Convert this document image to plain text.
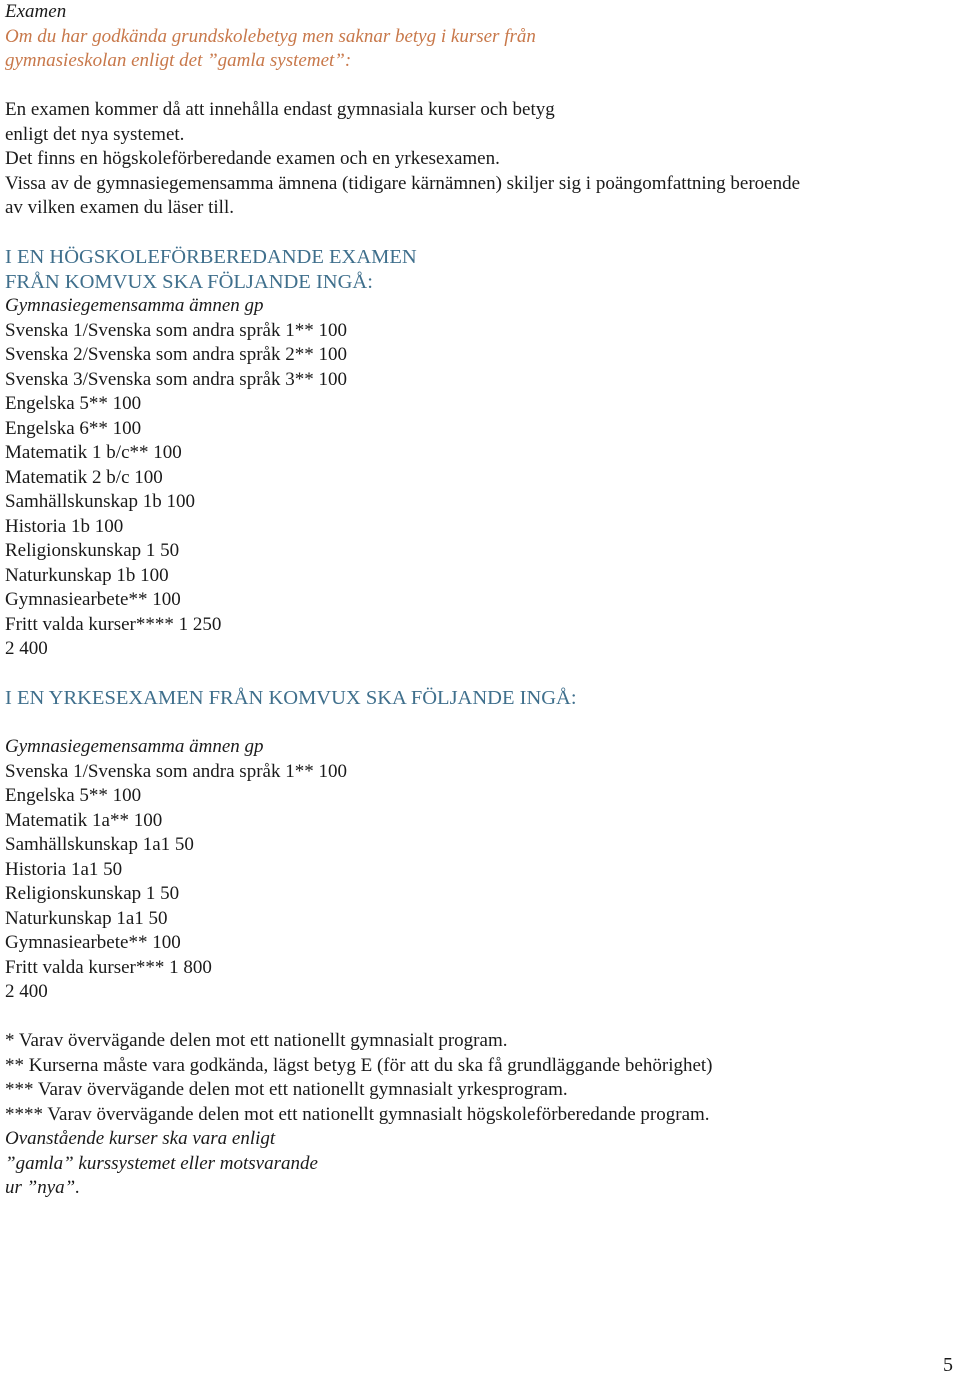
Examen

Om du har godkända grundskolebetyg men saknar betyg i kurser från

gymnasieskolan enligt det ”gamla systemet”:

En examen kommer då att innehålla endast gymnasiala kurser och betyg

enligt det nya systemet.

Det finns en högskoleförberedande examen och en yrkesexamen.

Vissa av de gymnasiegemensamma ämnena (tidigare kärnämnen) skiljer sig i poängomfattning beroende

av vilken examen du läser till.

I EN HÖGSKOLEFÖRBEREDANDE EXAMEN

FRÅN KOMVUX SKA FÖLJANDE INGÅ:

Gymnasiegemensamma ämnen gp

Svenska 1/Svenska som andra språk 1** 100

Svenska 2/Svenska som andra språk 2** 100

Svenska 3/Svenska som andra språk 3** 100

Engelska 5** 100

Engelska 6** 100

Matematik 1 b/c** 100

Matematik 2 b/c 100

Samhällskunskap 1b 100

Historia 1b 100

Religionskunskap 1 50

Naturkunskap 1b 100

Gymnasiearbete** 100

Fritt valda kurser**** 1 250

2 400

I EN YRKESEXAMEN FRÅN KOMVUX SKA FÖLJANDE INGÅ:

Gymnasiegemensamma ämnen gp

Svenska 1/Svenska som andra språk 1** 100

Engelska 5** 100

Matematik 1a** 100

Samhällskunskap 1a1 50

Historia 1a1 50

Religionskunskap 1 50

Naturkunskap 1a1 50

Gymnasiearbete** 100

Fritt valda kurser*** 1 800

2 400

* Varav övervägande delen mot ett nationellt gymnasialt program.

** Kurserna måste vara godkända, lägst betyg E (för att du ska få grundläggande behörighet)

*** Varav övervägande delen mot ett nationellt gymnasialt yrkesprogram.

**** Varav övervägande delen mot ett nationellt gymnasialt högskoleförberedande program.

Ovanstående kurser ska vara enligt

”gamla” kurssystemet eller motsvarande

ur ”nya”.

5
